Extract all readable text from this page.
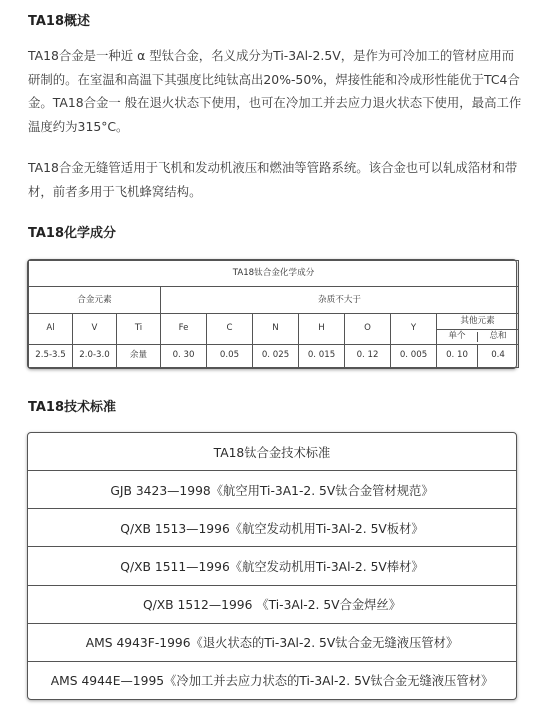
TA18概述

TA18合金是一种近 α 型钛合金，名义成分为Ti-3Al-2.5V，是作为可冷加工的管材应用而研制的。在室温和高温下其强度比纯钛高出20%-50%，焊接性能和冷成形性能优于TC4合金。TA18合金一 般在退火状态下使用，也可在冷加工并去应力退火状态下使用，最高工作温度约为315°C。

TA18合金无缝管适用于飞机和发动机液压和燃油等管路系统。该合金也可以轧成箔材和带材，前者多用于飞机蜂窝结构。

TA18化学成分
TA18钛合金化学成分										
合金元素			杂质不大于							
Al	V	Ti	Fe	C	N	H	O	Y	其他元素
单个 总和	

2.5-3.5	2.0-3.0	余量	0. 30	0.05	0. 025	0. 015	0. 12	0. 005	0. 10	0.4
TA18技术标准
TA18钛合金技术标准
GJB 3423—1998《航空用Ti-3A1-2. 5V钛合金管材规范》
Q/XB 1513—1996《航空发动机用Ti-3Al-2. 5V板材》
Q/XB 1511—1996《航空发动机用Ti-3Al-2. 5V棒材》
Q/XB 1512—1996 《Ti-3Al-2. 5V合金焊丝》
AMS 4943F-1996《退火状态的Ti-3Al-2. 5V钛合金无缝液压管材》
AMS 4944E—1995《冷加工并去应力状态的Ti-3Al-2. 5V钛合金无缝液压管材》
